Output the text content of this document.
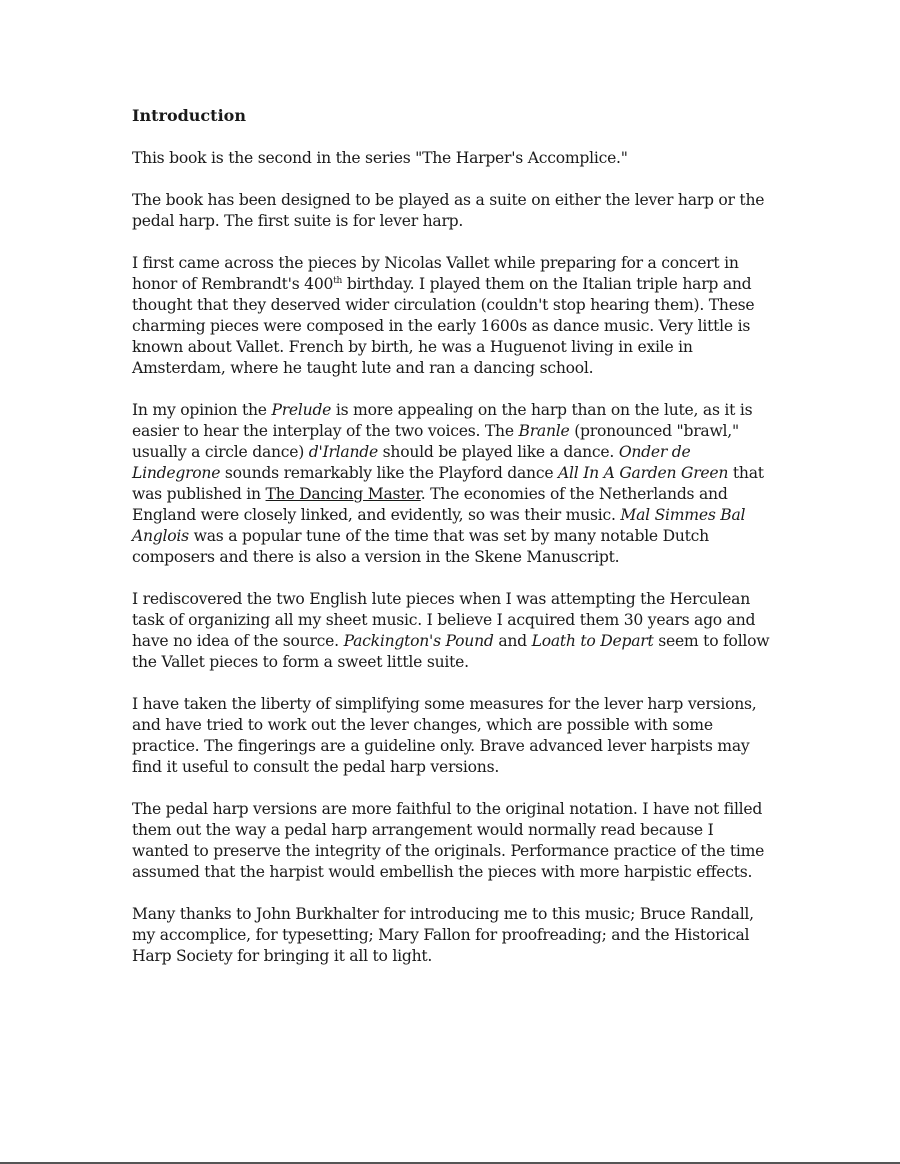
Introduction

This book is the second in the series "The Harper's Accomplice."

The book has been designed to be played as a suite on either the lever harp or the pedal harp. The first suite is for lever harp.

I first came across the pieces by Nicolas Vallet while preparing for a concert in honor of Rembrandt's 400th birthday. I played them on the Italian triple harp and thought that they deserved wider circulation (couldn't stop hearing them). These charming pieces were composed in the early 1600s as dance music. Very little is known about Vallet. French by birth, he was a Huguenot living in exile in Amsterdam, where he taught lute and ran a dancing school.

In my opinion the Prelude is more appealing on the harp than on the lute, as it is easier to hear the interplay of the two voices. The Branle (pronounced "brawl," usually a circle dance) d'Irlande should be played like a dance. Onder de Lindegrone sounds remarkably like the Playford dance All In A Garden Green that was published in The Dancing Master. The economies of the Netherlands and England were closely linked, and evidently, so was their music. Mal Simmes Bal Anglois was a popular tune of the time that was set by many notable Dutch composers and there is also a version in the Skene Manuscript.

I rediscovered the two English lute pieces when I was attempting the Herculean task of organizing all my sheet music. I believe I acquired them 30 years ago and have no idea of the source. Packington's Pound and Loath to Depart seem to follow the Vallet pieces to form a sweet little suite.

I have taken the liberty of simplifying some measures for the lever harp versions, and have tried to work out the lever changes, which are possible with some practice. The fingerings are a guideline only. Brave advanced lever harpists may find it useful to consult the pedal harp versions.

The pedal harp versions are more faithful to the original notation. I have not filled them out the way a pedal harp arrangement would normally read because I wanted to preserve the integrity of the originals. Performance practice of the time assumed that the harpist would embellish the pieces with more harpistic effects.

Many thanks to John Burkhalter for introducing me to this music; Bruce Randall, my accomplice, for typesetting; Mary Fallon for proofreading; and the Historical Harp Society for bringing it all to light.
